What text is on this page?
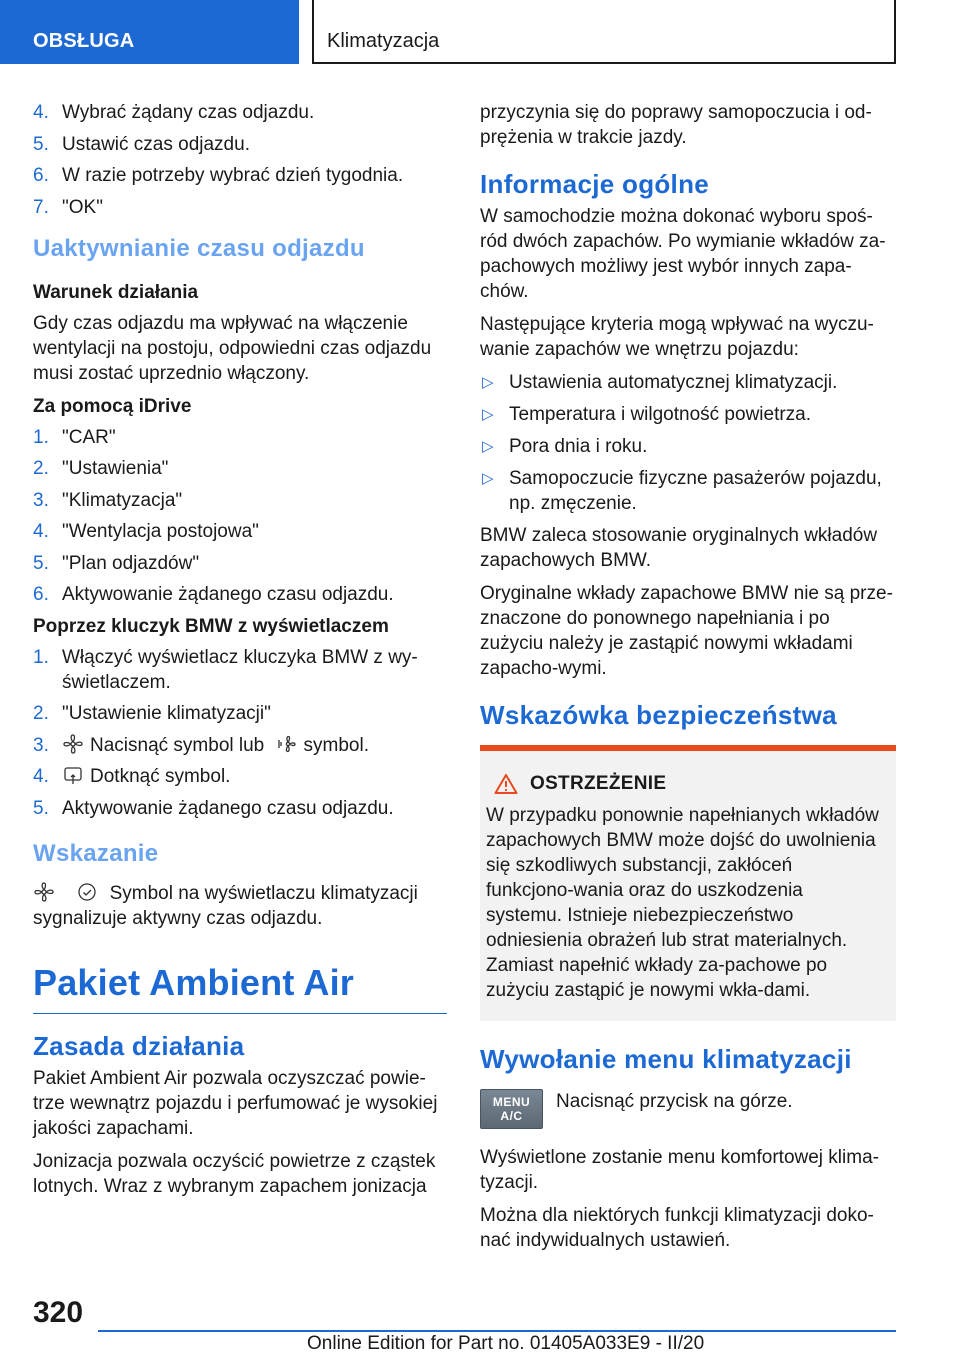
OBSŁUGA	Klimatyzacja
4. Wybrać żądany czas odjazdu.
5. Ustawić czas odjazdu.
6. W razie potrzeby wybrać dzień tygodnia.
7. "OK"
Uaktywnianie czasu odjazdu
Warunek działania

Gdy czas odjazdu ma wpływać na włączenie wentylacji na postoju, odpowiedni czas odjazdu musi zostać uprzednio włączony.

Za pomocą iDrive
1. "CAR"
2. "Ustawienia"
3. "Klimatyzacja"
4. "Wentylacja postojowa"
5. "Plan odjazdów"
6. Aktywowanie żądanego czasu odjazdu.
Poprzez kluczyk BMW z wyświetlaczem
1. Włączyć wyświetlacz kluczyka BMW z wy-świetlaczem.
2. "Ustawienie klimatyzacji"
3. Nacisnąć symbol lub symbol.
4. Dotknąć symbol.
5. Aktywowanie żądanego czasu odjazdu.
Wskazanie

Symbol na wyświetlaczu klimatyzacji sygnalizuje aktywny czas odjazdu.

Pakiet Ambient Air
Zasada działania

Pakiet Ambient Air pozwala oczyszczać powie-trze wewnątrz pojazdu i perfumować je wysokiej jakości zapachami.

Jonizacja pozwala oczyścić powietrze z cząstek lotnych. Wraz z wybranym zapachem jonizacja

przyczynia się do poprawy samopoczucia i od-prężenia w trakcie jazdy.

Informacje ogólne

W samochodzie można dokonać wyboru spoś-ród dwóch zapachów. Po wymianie wkładów za-pachowych możliwy jest wybór innych zapa-chów.

Następujące kryteria mogą wpływać na wyczu-wanie zapachów we wnętrzu pojazdu:

▷ Ustawienia automatycznej klimatyzacji.
▷ Temperatura i wilgotność powietrza.
▷ Pora dnia i roku.
▷ Samopoczucie fizyczne pasażerów pojazdu, np. zmęczenie.

BMW zaleca stosowanie oryginalnych wkładów zapachowych BMW.

Oryginalne wkłady zapachowe BMW nie są prze-znaczone do ponownego napełniania i po zużyciu należy je zastąpić nowymi wkładami zapacho-wymi.

Wskazówka bezpieczeństwa
OSTRZEŻENIE

W przypadku ponownie napełnianych wkładów zapachowych BMW może dojść do uwolnienia się szkodliwych substancji, zakłóceń funkcjono-wania oraz do uszkodzenia systemu. Istnieje niebezpieczeństwo odniesienia obrażeń lub strat materialnych. Zamiast napełnić wkłady za-pachowe po zużyciu zastąpić je nowymi wkła-dami.

Wywołanie menu klimatyzacji
MENU
A/C
Nacisnąć przycisk na górze.

Wyświetlone zostanie menu komfortowej klima-tyzacji.

Można dla niektórych funkcji klimatyzacji doko-nać indywidualnych ustawień.

320
Online Edition for Part no. 01405A033E9 - II/20
